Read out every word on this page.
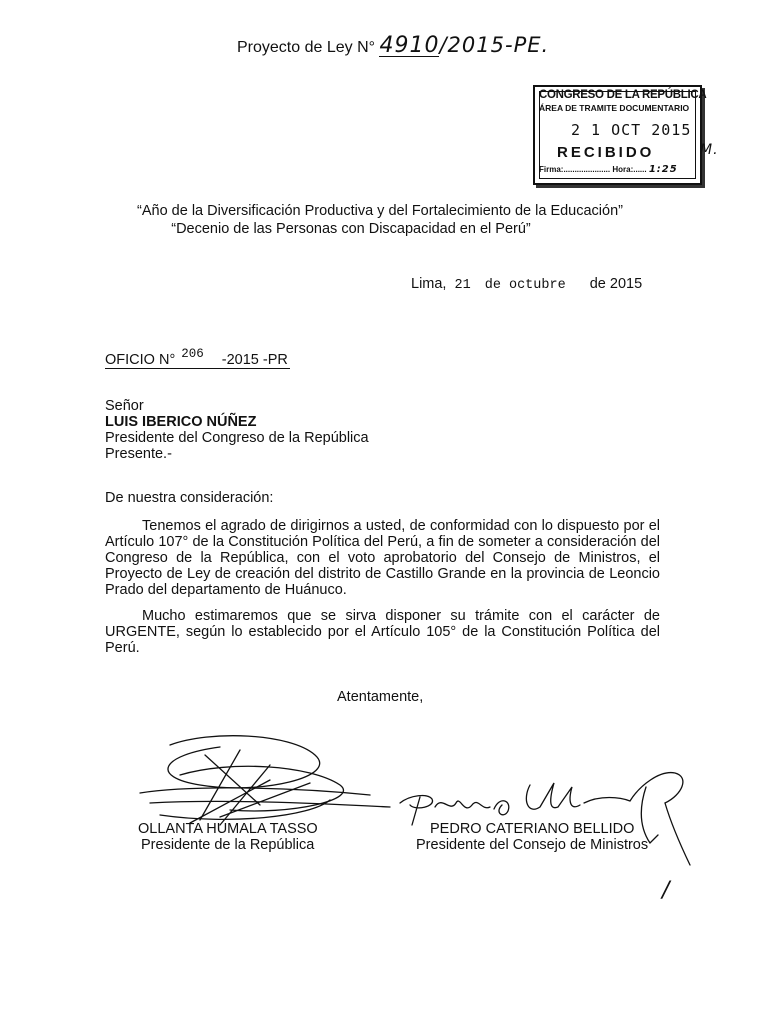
Proyecto de Ley N° 4910/2015-PE.
CONGRESO DE LA REPÚBLICA
ÁREA DE TRAMITE DOCUMENTARIO
2 1 OCT 2015
RECIBIDO
Firma:..................... Hora:...... 1:25
M.
“Año de la Diversificación Productiva y del Fortalecimiento de la Educación”
“Decenio de las Personas con Discapacidad en el Perú”
Lima, 21 de octubre de 2015
OFICIO N° 206 -2015 -PR
Señor
LUIS IBERICO NÚÑEZ
Presidente del Congreso de la República
Presente.-
De nuestra consideración:
Tenemos el agrado de dirigirnos a usted, de conformidad con lo dispuesto por el Artículo 107° de la Constitución Política del Perú, a fin de someter a consideración del Congreso de la República, con el voto aprobatorio del Consejo de Ministros, el Proyecto de Ley de creación del distrito de Castillo Grande en la provincia de Leoncio Prado del departamento de Huánuco.
Mucho estimaremos que se sirva disponer su trámite con el carácter de URGENTE, según lo establecido por el Artículo 105° de la Constitución Política del Perú.
Atentamente,
OLLANTA HUMALA TASSO
Presidente de la República
PEDRO CATERIANO BELLIDO
Presidente del Consejo de Ministros
/
